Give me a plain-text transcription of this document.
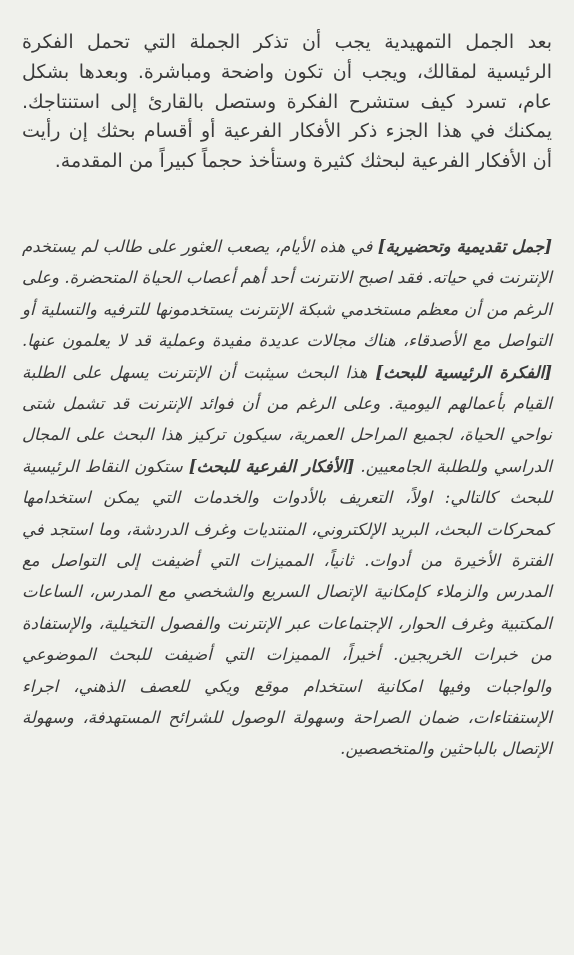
بعد الجمل التمهيدية يجب أن تذكر الجملة التي تحمل الفكرة الرئيسية لمقالك، ويجب أن تكون واضحة ومباشرة. وبعدها بشكل عام، تسرد كيف ستشرح الفكرة وستصل بالقارئ إلى استنتاجك. يمكنك في هذا الجزء ذكر الأفكار الفرعية أو أقسام بحثك إن رأيت أن الأفكار الفرعية لبحثك كثيرة وستأخذ حجماً كبيراً من المقدمة.

[جمل تقديمية وتحضيرية] في هذه الأيام، يصعب العثور على طالب لم يستخدم الإنترنت في حياته. فقد اصبح الانترنت أحد أهم أعصاب الحياة المتحضرة. وعلى الرغم من أن معظم مستخدمي شبكة الإنترنت يستخدمونها للترفيه والتسلية أو التواصل مع الأصدقاء، هناك مجالات عديدة مفيدة وعملية قد لا يعلمون عنها. [الفكرة الرئيسية للبحث] هذا البحث سيثبت أن الإنترنت يسهل على الطلبة القيام بأعمالهم اليومية. وعلى الرغم من أن فوائد الإنترنت قد تشمل شتى نواحي الحياة، لجميع المراحل العمرية، سيكون تركيز هذا البحث على المجال الدراسي وللطلبة الجامعيين. [الأفكار الفرعية للبحث] ستكون النقاط الرئيسية للبحث كالتالي: اولاً، التعريف بالأدوات والخدمات التي يمكن استخدامها كمحركات البحث، البريد الإلكتروني، المنتديات وغرف الدردشة، وما استجد في الفترة الأخيرة من أدوات. ثانياً، المميزات التي أضيفت إلى التواصل مع المدرس والزملاء كإمكانية الإتصال السريع والشخصي مع المدرس، الساعات المكتبية وغرف الحوار، الإجتماعات عبر الإنترنت والفصول التخيلية، والإستفادة من خبرات الخريجين. أخيراً، المميزات التي أضيفت للبحث الموضوعي والواجبات وفيها امكانية استخدام موقع ويكي للعصف الذهني، اجراء الإستفتاءات، ضمان الصراحة وسهولة الوصول للشرائح المستهدفة، وسهولة الإتصال بالباحثين والمتخصصين.
